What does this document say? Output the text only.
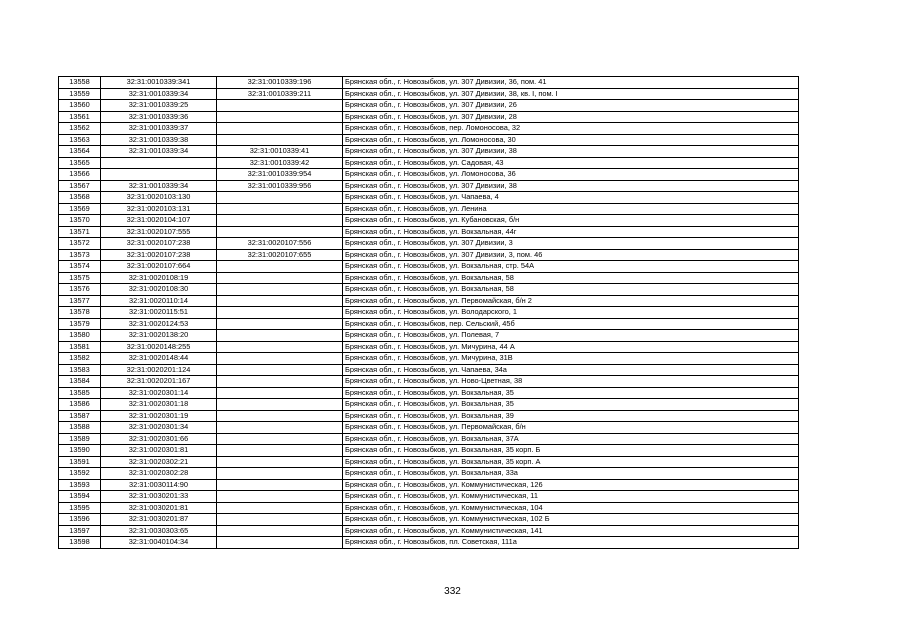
13558	32:31:0010339:341	32:31:0010339:196	Брянская обл., г. Новозыбков, ул. 307 Дивизии, 36, пом. 41
13559	32:31:0010339:34	32:31:0010339:211	Брянская обл., г. Новозыбков, ул. 307 Дивизии, 38, кв. I, пом. I
13560	32:31:0010339:25		Брянская обл., г. Новозыбков, ул. 307 Дивизии, 26
13561	32:31:0010339:36		Брянская обл., г. Новозыбков, ул. 307 Дивизии, 28
13562	32:31:0010339:37		Брянская обл., г. Новозыбков, пер. Ломоносова, 32
13563	32:31:0010339:38		Брянская обл., г. Новозыбков, ул. Ломоносова, 30
13564	32:31:0010339:34	32:31:0010339:41	Брянская обл., г. Новозыбков, ул. 307 Дивизии, 38
13565		32:31:0010339:42	Брянская обл., г. Новозыбков, ул. Садовая, 43
13566		32:31:0010339:954	Брянская обл., г. Новозыбков, ул. Ломоносова, 36
13567	32:31:0010339:34	32:31:0010339:956	Брянская обл., г. Новозыбков, ул. 307 Дивизии, 38
13568	32:31:0020103:130		Брянская обл., г. Новозыбков, ул. Чапаева, 4
13569	32:31:0020103:131		Брянская обл., г. Новозыбков, ул. Ленина
13570	32:31:0020104:107		Брянская обл., г. Новозыбков, ул. Кубановская, б/н
13571	32:31:0020107:555		Брянская обл., г. Новозыбков, ул. Вокзальная, 44г
13572	32:31:0020107:238	32:31:0020107:556	Брянская обл., г. Новозыбков, ул. 307 Дивизии, 3
13573	32:31:0020107:238	32:31:0020107:655	Брянская обл., г. Новозыбков, ул. 307 Дивизии, 3, пом. 46
13574	32:31:0020107:664		Брянская обл., г. Новозыбков, ул. Вокзальная, стр. 54А
13575	32:31:0020108:19		Брянская обл., г. Новозыбков, ул. Вокзальная, 58
13576	32:31:0020108:30		Брянская обл., г. Новозыбков, ул. Вокзальная, 58
13577	32:31:0020110:14		Брянская обл., г. Новозыбков, ул. Первомайская, б/н 2
13578	32:31:0020115:51		Брянская обл., г. Новозыбков, ул. Володарского, 1
13579	32:31:0020124:53		Брянская обл., г. Новозыбков, пер. Сельский, 45б
13580	32:31:0020138:20		Брянская обл., г. Новозыбков, ул. Полевая, 7
13581	32:31:0020148:255		Брянская обл., г. Новозыбков, ул. Мичурина, 44 А
13582	32:31:0020148:44		Брянская обл., г. Новозыбков, ул. Мичурина, 31В
13583	32:31:0020201:124		Брянская обл., г. Новозыбков, ул. Чапаева, 34а
13584	32:31:0020201:167		Брянская обл., г. Новозыбков, ул. Ново-Цветная, 38
13585	32:31:0020301:14		Брянская обл., г. Новозыбков, ул. Вокзальная, 35
13586	32:31:0020301:18		Брянская обл., г. Новозыбков, ул. Вокзальная, 35
13587	32:31:0020301:19		Брянская обл., г. Новозыбков, ул. Вокзальная, 39
13588	32:31:0020301:34		Брянская обл., г. Новозыбков, ул. Первомайская, б/н
13589	32:31:0020301:66		Брянская обл., г. Новозыбков, ул. Вокзальная, 37А
13590	32:31:0020301:81		Брянская обл., г. Новозыбков, ул. Вокзальная, 35 корп. Б
13591	32:31:0020302:21		Брянская обл., г. Новозыбков, ул. Вокзальная, 35 корп. А
13592	32:31:0020302:28		Брянская обл., г. Новозыбков, ул. Вокзальная, 33а
13593	32:31:0030114:90		Брянская обл., г. Новозыбков, ул. Коммунистическая, 126
13594	32:31:0030201:33		Брянская обл., г. Новозыбков, ул. Коммунистическая, 11
13595	32:31:0030201:81		Брянская обл., г. Новозыбков, ул. Коммунистическая, 104
13596	32:31:0030201:87		Брянская обл., г. Новозыбков, ул. Коммунистическая, 102 Б
13597	32:31:0030303:65		Брянская обл., г. Новозыбков, ул. Коммунистическая, 141
13598	32:31:0040104:34		Брянская обл., г. Новозыбков, пл. Советская, 111а
332
